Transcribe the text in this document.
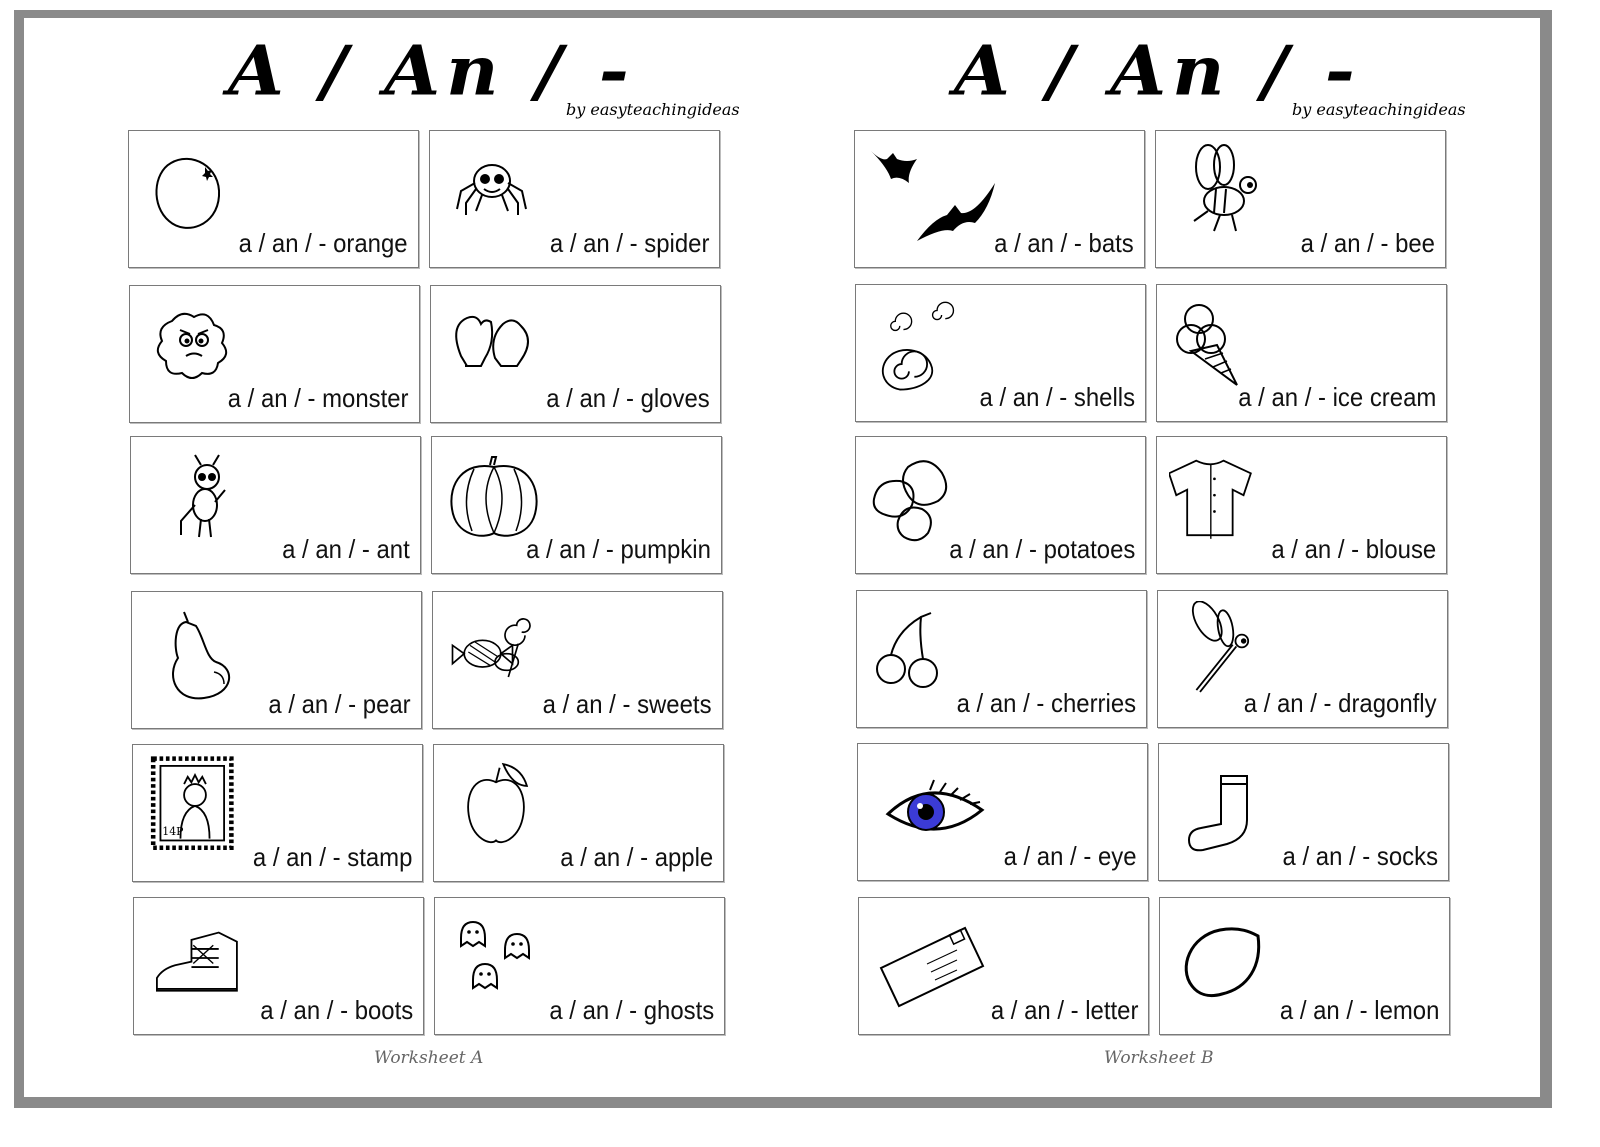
A / An / -
by easyteachingideas
a / an / - orange	a / an / - spider
a / an / - monster	a / an / - gloves
a / an / - ant	a / an / - pumpkin
a / an / - pear	a / an / - sweets
14P
a / an / - stamp	a / an / - apple
a / an / - boots	a / an / - ghosts
Worksheet A
A / An / -
by easyteachingideas
a / an / - bats	a / an / - bee
a / an / - shells	a / an / - ice cream
a / an / - potatoes	a / an / - blouse
a / an / - cherries	a / an / - dragonfly
a / an / - eye	a / an / - socks
a / an / - letter	a / an / - lemon
Worksheet B
